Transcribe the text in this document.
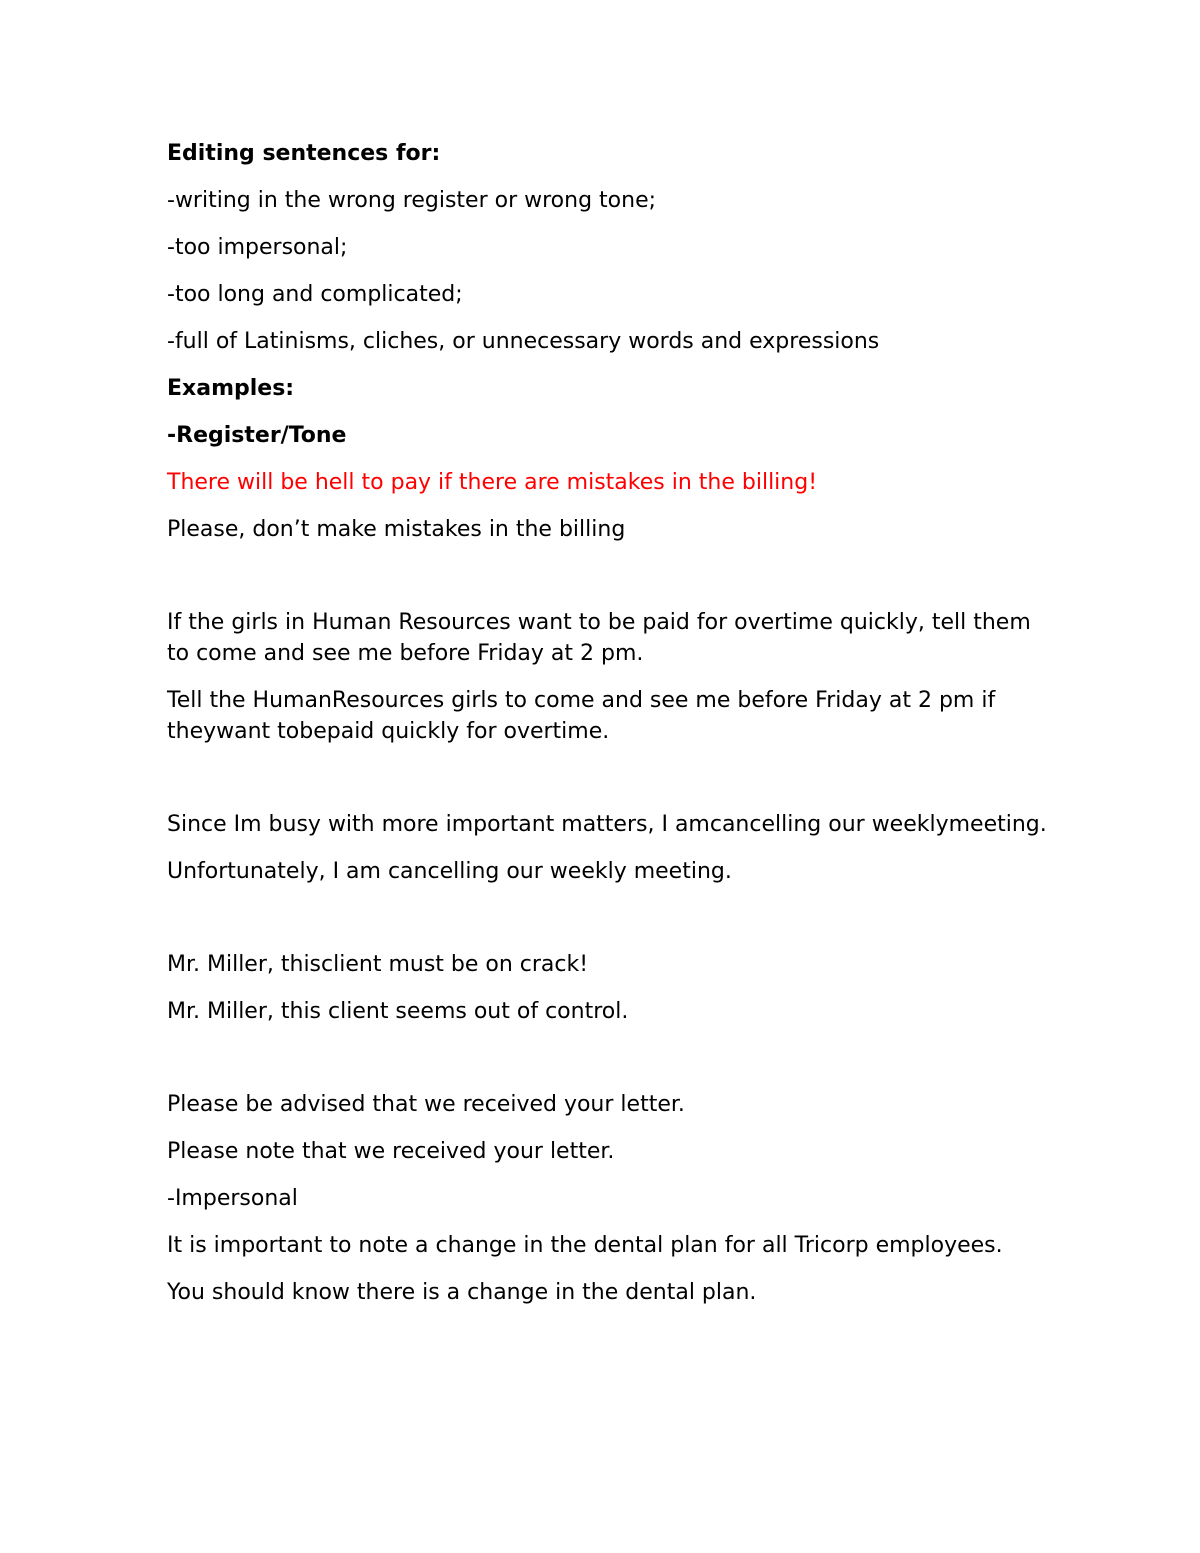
Editing sentences for:

-writing in the wrong register or wrong tone;

-too impersonal;

-too long and complicated;

-full of Latinisms, cliches, or unnecessary words and expressions

Examples:

-Register/Tone

There will be hell to pay if there are mistakes in the billing!

Please, don’t make mistakes in the billing

If the girls in Human Resources want to be paid for overtime quickly, tell them to come and see me before Friday at 2 pm.

Tell the HumanResources girls to come and see me before Friday at 2 pm if theywant tobepaid quickly for overtime.

Since Im busy with more important matters, I amcancelling our weeklymeeting.

Unfortunately, I am cancelling our weekly meeting.

Mr. Miller, thisclient must be on crack!

Mr. Miller, this client seems out of control.

Please be advised that we received your letter.

Please note that we received your letter.

-Impersonal

It is important to note a change in the dental plan for all Tricorp employees.

You should know there is a change in the dental plan.
